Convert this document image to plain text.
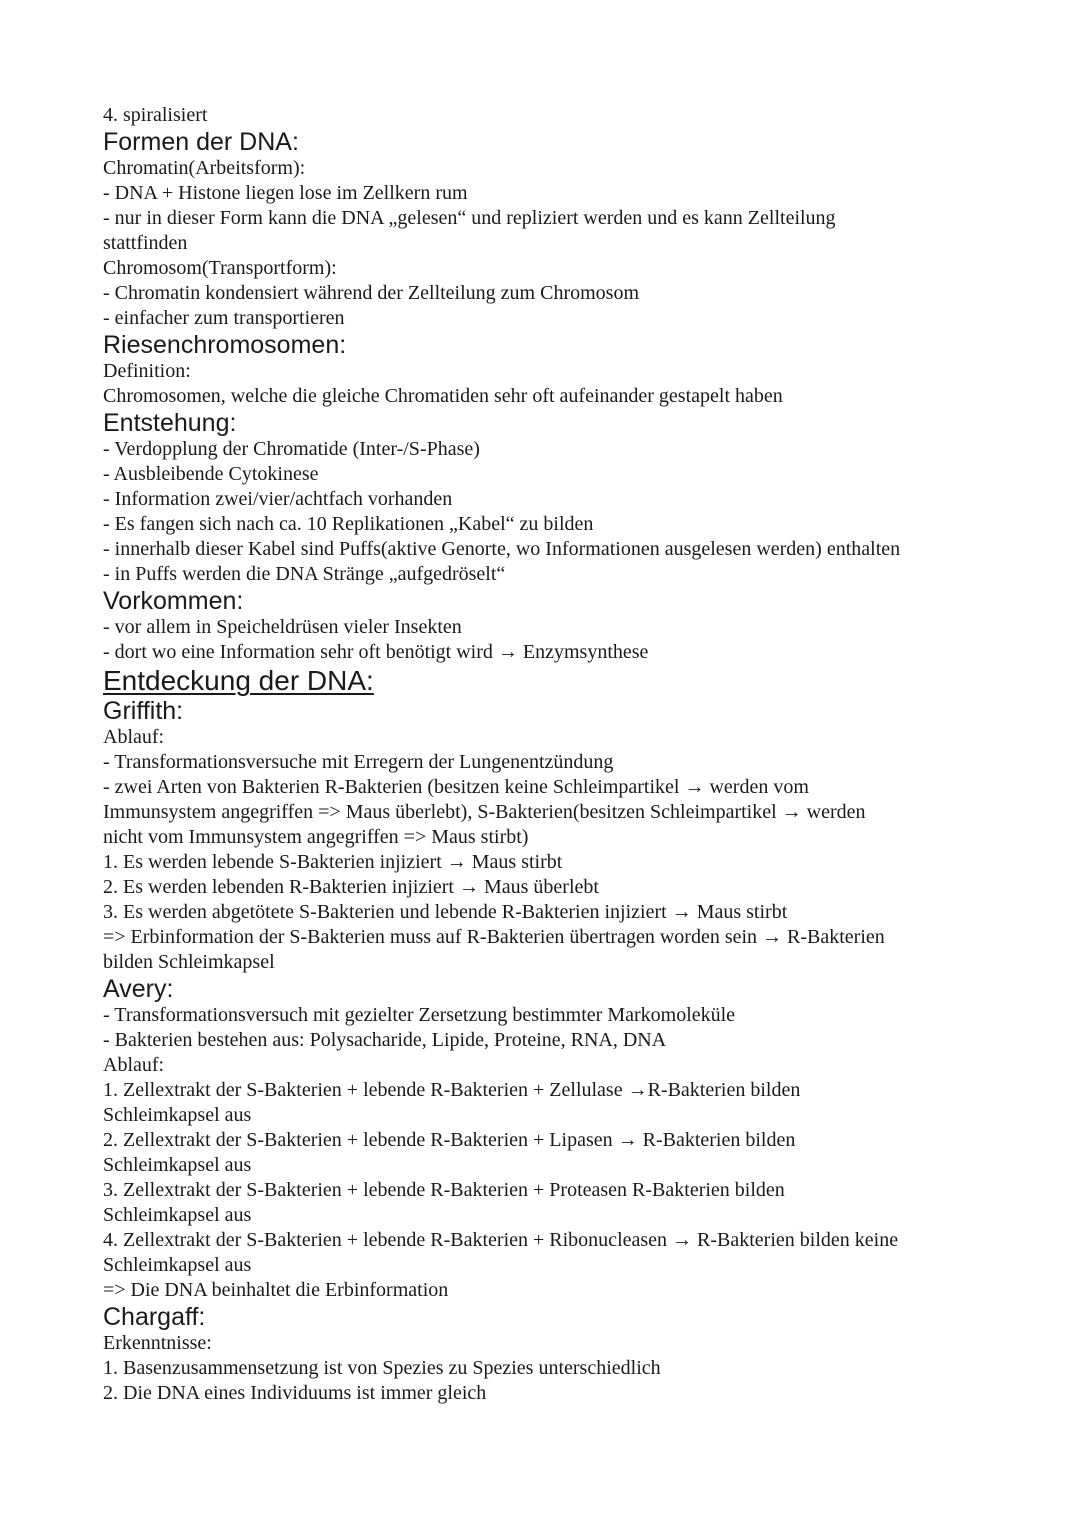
4. spiralisiert
Formen der DNA:
Chromatin(Arbeitsform):
- DNA + Histone liegen lose im Zellkern rum
- nur in dieser Form kann die DNA „gelesen“ und repliziert werden und es kann Zellteilung
stattfinden
Chromosom(Transportform):
- Chromatin kondensiert während der Zellteilung zum Chromosom
- einfacher zum transportieren
Riesenchromosomen:
Definition:
Chromosomen, welche die gleiche Chromatiden sehr oft aufeinander gestapelt haben
Entstehung:
- Verdopplung der Chromatide (Inter-/S-Phase)
- Ausbleibende Cytokinese
- Information zwei/vier/achtfach vorhanden
- Es fangen sich nach ca. 10 Replikationen „Kabel“ zu bilden
- innerhalb dieser Kabel sind Puffs(aktive Genorte, wo Informationen ausgelesen werden) enthalten
- in Puffs werden die DNA Stränge „aufgedröselt“
Vorkommen:
- vor allem in Speicheldrüsen vieler Insekten
- dort wo eine Information sehr oft benötigt wird → Enzymsynthese
Entdeckung der DNA:
Griffith:
Ablauf:
- Transformationsversuche mit Erregern der Lungenentzündung
- zwei Arten von Bakterien R-Bakterien (besitzen keine Schleimpartikel → werden vom
Immunsystem angegriffen => Maus überlebt), S-Bakterien(besitzen Schleimpartikel → werden
nicht vom Immunsystem angegriffen => Maus stirbt)
1. Es werden lebende S-Bakterien injiziert → Maus stirbt
2. Es werden lebenden R-Bakterien injiziert → Maus überlebt
3. Es werden abgetötete S-Bakterien und lebende R-Bakterien injiziert → Maus stirbt
=> Erbinformation der S-Bakterien muss auf R-Bakterien übertragen worden sein → R-Bakterien
bilden Schleimkapsel
Avery:
- Transformationsversuch mit gezielter Zersetzung bestimmter Markomoleküle
- Bakterien bestehen aus: Polysacharide, Lipide, Proteine, RNA, DNA
Ablauf:
1. Zellextrakt der S-Bakterien + lebende R-Bakterien + Zellulase →R-Bakterien bilden
Schleimkapsel aus
2. Zellextrakt der S-Bakterien + lebende R-Bakterien + Lipasen → R-Bakterien bilden
Schleimkapsel aus
3. Zellextrakt der S-Bakterien + lebende R-Bakterien + Proteasen R-Bakterien bilden
Schleimkapsel aus
4. Zellextrakt der S-Bakterien + lebende R-Bakterien + Ribonucleasen → R-Bakterien bilden keine
Schleimkapsel aus
=> Die DNA beinhaltet die Erbinformation
Chargaff:
Erkenntnisse:
1. Basenzusammensetzung ist von Spezies zu Spezies unterschiedlich
2. Die DNA eines Individuums ist immer gleich
